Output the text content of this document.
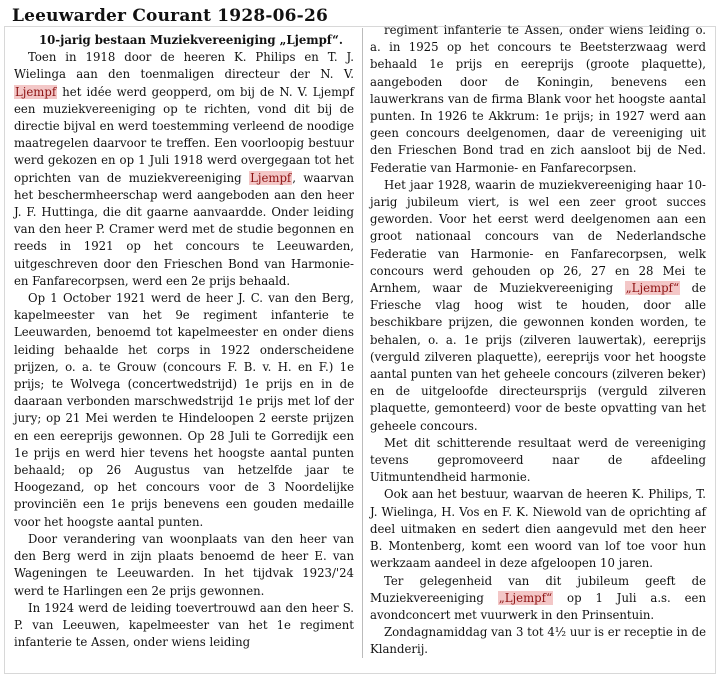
Leeuwarder Courant 1928-06-26

10-jarig bestaan Muziekvereeniging „Ljempf“.

Toen in 1918 door de heeren K. Philips en T. J. Wielinga aan den toenmaligen directeur der N. V. Ljempf het idée werd geopperd, om bij de N. V. Ljempf een muziekvereeniging op te richten, vond dit bij de directie bijval en werd toestemming verleend de noodige maatregelen daarvoor te treffen. Een voorloopig bestuur werd gekozen en op 1 Juli 1918 werd overgegaan tot het oprichten van de muziekvereeniging Ljempf, waarvan het beschermheerschap werd aangeboden aan den heer J. F. Huttinga, die dit gaarne aanvaardde. Onder leiding van den heer P. Cramer werd met de studie begonnen en reeds in 1921 op het concours te Leeuwarden, uitgeschreven door den Frieschen Bond van Harmonie- en Fanfarecorpsen, werd een 2e prijs behaald.

Op 1 October 1921 werd de heer J. C. van den Berg, kapelmeester van het 9e regiment infanterie te Leeuwarden, benoemd tot kapelmeester en onder diens leiding behaalde het corps in 1922 onderscheidene prijzen, o. a. te Grouw (concours F. B. v. H. en F.) 1e prijs; te Wolvega (concertwedstrijd) 1e prijs en in de daaraan verbonden marschwedstrijd 1e prijs met lof der jury; op 21 Mei werden te Hindeloopen 2 eerste prijzen en een eereprijs gewonnen. Op 28 Juli te Gorredijk een 1e prijs en werd hier tevens het hoogste aantal punten behaald; op 26 Augustus van hetzelfde jaar te Hoogezand, op het concours voor de 3 Noordelijke provinciën een 1e prijs benevens een gouden medaille voor het hoogste aantal punten.

Door verandering van woonplaats van den heer van den Berg werd in zijn plaats benoemd de heer E. van Wageningen te Leeuwarden. In het tijdvak 1923/'24 werd te Harlingen een 2e prijs gewonnen.

In 1924 werd de leiding toevertrouwd aan den heer S. P. van Leeuwen, kapelmeester van het 1e regiment infanterie te Assen, onder wiens leiding

regiment infanterie te Assen, onder wiens leiding o. a. in 1925 op het concours te Beetsterzwaag werd behaald 1e prijs en eereprijs (groote plaquette), aangeboden door de Koningin, benevens een lauwerkrans van de firma Blank voor het hoogste aantal punten. In 1926 te Akkrum: 1e prijs; in 1927 werd aan geen concours deelgenomen, daar de vereeniging uit den Frieschen Bond trad en zich aansloot bij de Ned. Federatie van Harmonie- en Fanfarecorpsen.

Het jaar 1928, waarin de muziekvereeniging haar 10-jarig jubileum viert, is wel een zeer groot succes geworden. Voor het eerst werd deelgenomen aan een groot nationaal concours van de Nederlandsche Federatie van Harmonie- en Fanfarecorpsen, welk concours werd gehouden op 26, 27 en 28 Mei te Arnhem, waar de Muziekvereeniging „Ljempf“ de Friesche vlag hoog wist te houden, door alle beschikbare prijzen, die gewonnen konden worden, te behalen, o. a. 1e prijs (zilveren lauwertak), eereprijs (verguld zilveren plaquette), eereprijs voor het hoogste aantal punten van het geheele concours (zilveren beker) en de uitgeloofde directeursprijs (verguld zilveren plaquette, gemonteerd) voor de beste opvatting van het geheele concours.

Met dit schitterende resultaat werd de vereeniging tevens gepromoveerd naar de afdeeling Uitmuntendheid harmonie.

Ook aan het bestuur, waarvan de heeren K. Philips, T. J. Wielinga, H. Vos en F. K. Niewold van de oprichting af deel uitmaken en sedert dien aangevuld met den heer B. Montenberg, komt een woord van lof toe voor hun werkzaam aandeel in deze afgeloopen 10 jaren.

Ter gelegenheid van dit jubileum geeft de Muziekvereeniging „Ljempf“ op 1 Juli a.s. een avondconcert met vuurwerk in den Prinsentuin.

Zondagnamiddag van 3 tot 4½ uur is er receptie in de Klanderij.
